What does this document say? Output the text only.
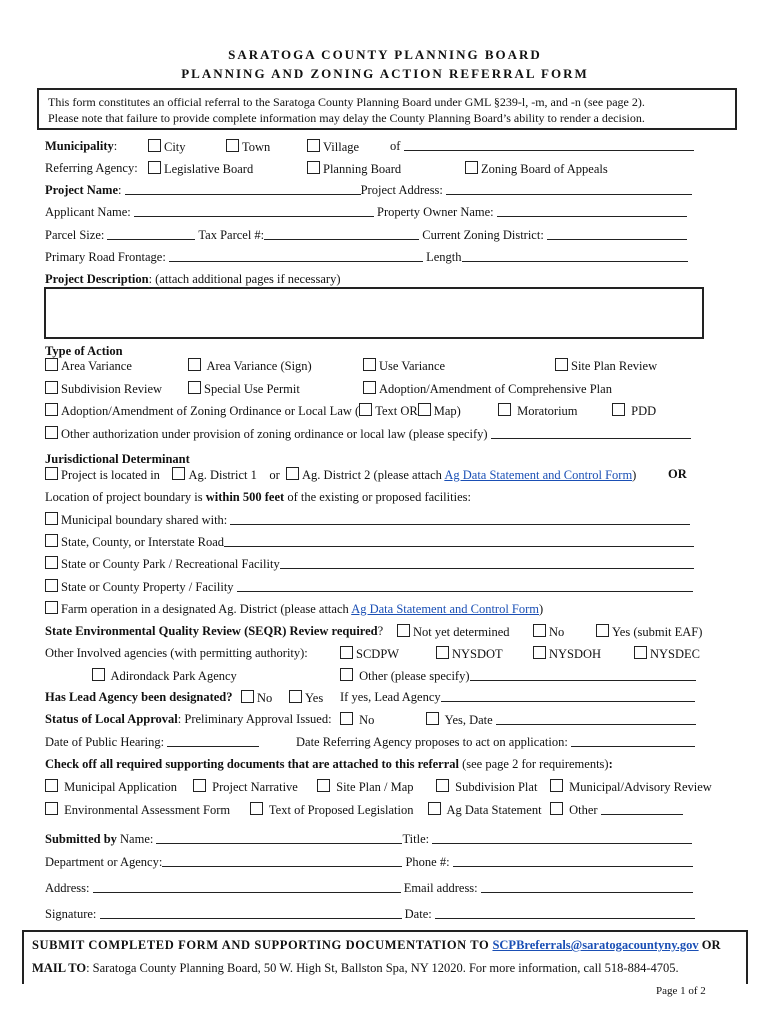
SARATOGA COUNTY PLANNING BOARD
PLANNING AND ZONING ACTION REFERRAL FORM
This form constitutes an official referral to the Saratoga County Planning Board under GML §239-l, -m, and -n (see page 2).
Please note that failure to provide complete information may delay the County Planning Board’s ability to render a decision.
Municipality:	City	Town	Village of
Referring Agency:	Legislative Board	Planning Board	Zoning Board of Appeals
Project Name:	Project Address:
Applicant Name:	Property Owner Name:
Parcel Size:	Tax Parcel #:	Current Zoning District:
Primary Road Frontage:	Length
Project Description: (attach additional pages if necessary)
Type of Action
Area Variance	Area Variance (Sign)	Use Variance	Site Plan Review
Subdivision Review	Special Use Permit	Adoption/Amendment of Comprehensive Plan
Adoption/Amendment of Zoning Ordinance or Local Law ( Text OR Map)	Moratorium	PDD
Other authorization under provision of zoning ordinance or local law (please specify)
Jurisdictional Determinant
Project is located in Ag. District 1 or Ag. District 2 (please attach Ag Data Statement and Control Form)	OR
Location of project boundary is within 500 feet of the existing or proposed facilities:
Municipal boundary shared with:
State, County, or Interstate Road
State or County Park / Recreational Facility
State or County Property / Facility
Farm operation in a designated Ag. District (please attach Ag Data Statement and Control Form)
State Environmental Quality Review (SEQR) Review required?	Not yet determined	No	Yes (submit EAF)
Other Involved agencies (with permitting authority):	SCDPW	NYSDOT	NYSDOH	NYSDEC
Adirondack Park Agency	Other (please specify)
Has Lead Agency been designated?	No	Yes If yes, Lead Agency
Status of Local Approval: Preliminary Approval Issued:	No	Yes, Date
Date of Public Hearing:	Date Referring Agency proposes to act on application:
Check off all required supporting documents that are attached to this referral (see page 2 for requirements):
Municipal Application	Project Narrative	Site Plan / Map	Subdivision Plat	Municipal/Advisory Review
Environmental Assessment Form	Text of Proposed Legislation	Ag Data Statement	Other
Submitted by Name:	Title:
Department or Agency:	Phone #:
Address:	Email address:
Signature:	Date:
SUBMIT COMPLETED FORM AND SUPPORTING DOCUMENTATION TO SCPBreferrals@saratogacountyny.gov OR
MAIL TO: Saratoga County Planning Board, 50 W. High St, Ballston Spa, NY 12020. For more information, call 518-884-4705.
Page 1 of 2
